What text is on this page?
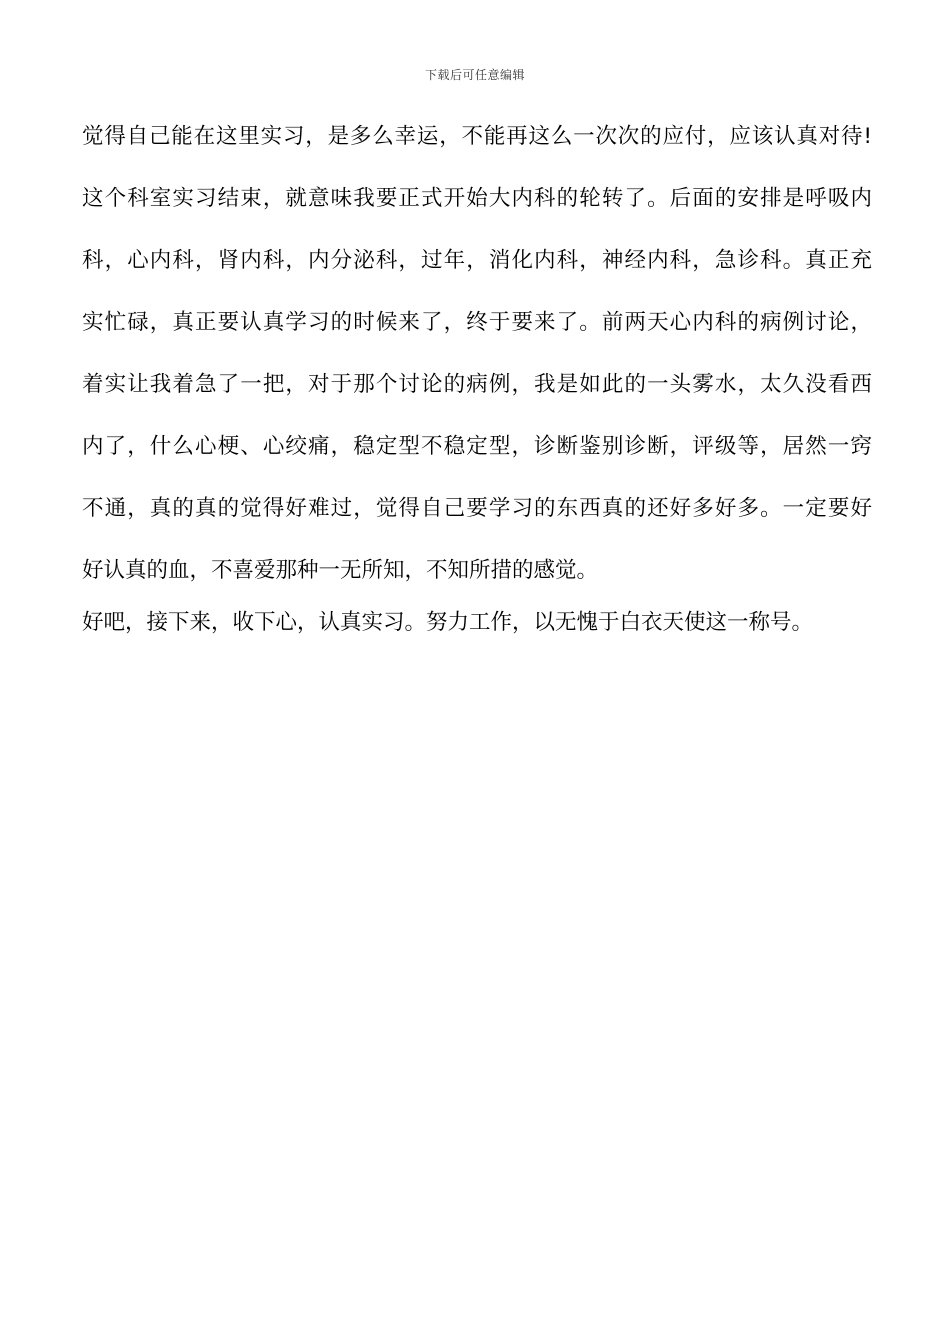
下载后可任意编辑

觉得自己能在这里实习，是多么幸运，不能再这么一次次的应付，应该认真对待!

这个科室实习结束，就意味我要正式开始大内科的轮转了。后面的安排是呼吸内

科，心内科，肾内科，内分泌科，过年，消化内科，神经内科，急诊科。真正充

实忙碌，真正要认真学习的时候来了，终于要来了。前两天心内科的病例讨论，

着实让我着急了一把，对于那个讨论的病例，我是如此的一头雾水，太久没看西

内了，什么心梗、心绞痛，稳定型不稳定型，诊断鉴别诊断，评级等，居然一窍

不通，真的真的觉得好难过，觉得自己要学习的东西真的还好多好多。一定要好

好认真的血，不喜爱那种一无所知，不知所措的感觉。

好吧，接下来，收下心，认真实习。努力工作，以无愧于白衣天使这一称号。
